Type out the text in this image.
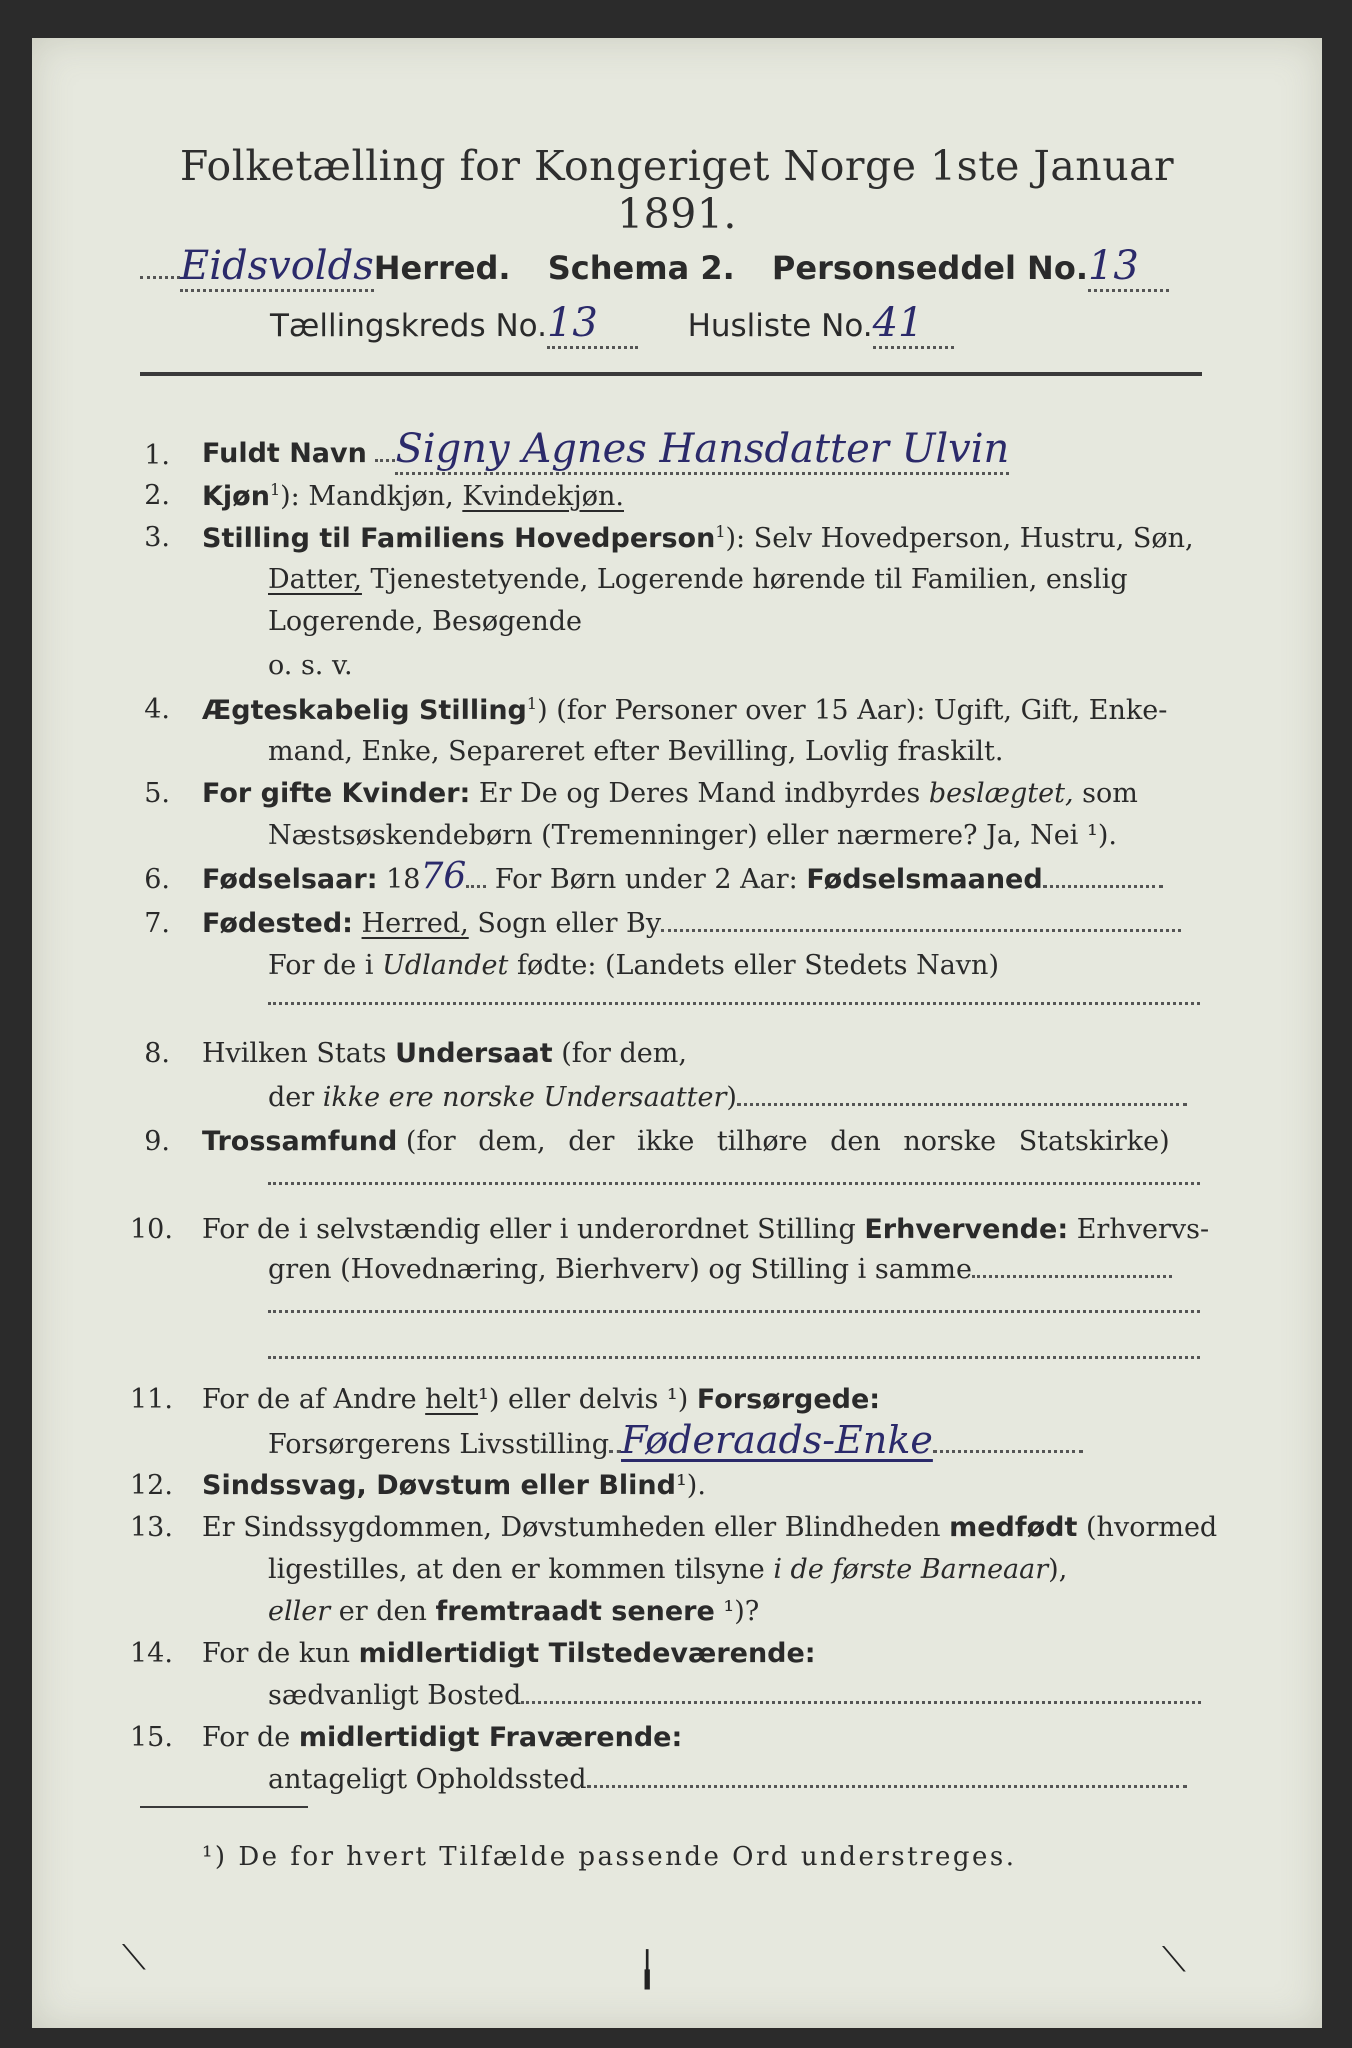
Folketælling for Kongeriget Norge 1ste Januar 1891.
EidsvoldsHerred. Schema 2. Personseddel No.13
Tællingskreds No.13	Husliste No.41
1. Fuldt Navn Signy Agnes Hansdatter Ulvin
2. Kjøn$^1$): Mandkjøn, Kvindekjøn.
3. Stilling til Familiens Hovedperson$^1$): Selv Hovedperson, Hustru, Søn,
Datter, Tjenestetyende, Logerende hørende til Familien, enslig
Logerende, Besøgende
o. s. v.
4. Ægteskabelig Stilling$^1$) (for Personer over 15 Aar): Ugift, Gift, Enke-
mand, Enke, Separeret efter Bevilling, Lovlig fraskilt.
5. For gifte Kvinder: Er De og Deres Mand indbyrdes beslægtet, som
Næstsøskendebørn (Tremenninger) eller nærmere? Ja, Nei ¹).
6. Fødselsaar: 1876 For Børn under 2 Aar: Fødselsmaaned
7. Fødested: Herred, Sogn eller By
For de i Udlandet fødte: (Landets eller Stedets Navn)
8. Hvilken Stats Undersaat (for dem,
der ikke ere norske Undersaatter)
9. Trossamfund (for dem, der ikke tilhøre den norske Statskirke)
10. For de i selvstændig eller i underordnet Stilling Erhvervende: Erhvervs-
gren (Hovednæring, Bierhverv) og Stilling i samme
11. For de af Andre helt¹) eller delvis ¹) Forsørgede:
Forsørgerens Livsstilling Føderaads-Enke
12. Sindssvag, Døvstum eller Blind¹).
13. Er Sindssygdommen, Døvstumheden eller Blindheden medfødt (hvormed
ligestilles, at den er kommen tilsyne i de første Barneaar),
eller er den fremtraadt senere ¹)?
14. For de kun midlertidigt Tilstedeværende:
sædvanligt Bosted
15. For de midlertidigt Fraværende:
antageligt Opholdssted
¹) De for hvert Tilfælde passende Ord understreges.
⟍	╽	⟍
